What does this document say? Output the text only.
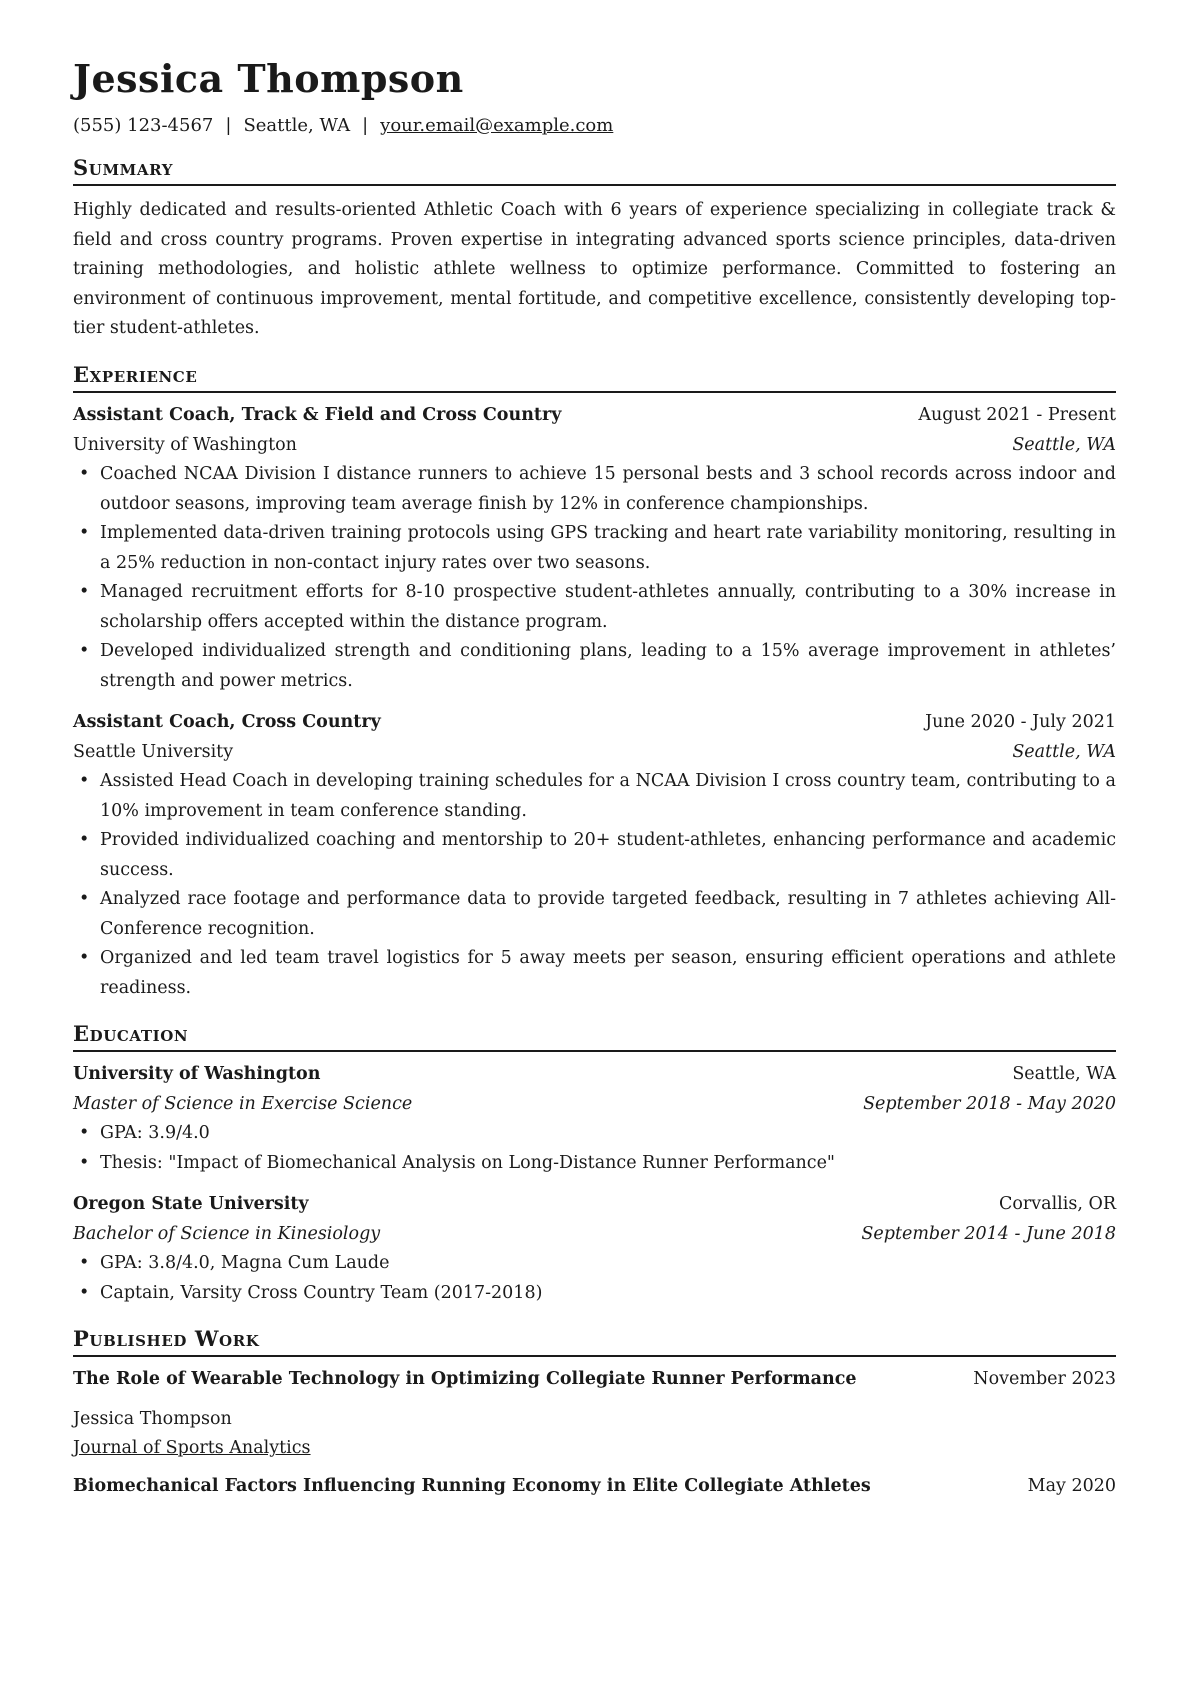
Jessica Thompson
(555) 123-4567 | Seattle, WA | your.email@example.com
Summary
Highly dedicated and results-oriented Athletic Coach with 6 years of experience specializing in collegiate track & field and cross country programs. Proven expertise in integrating advanced sports science principles, data-driven training methodologies, and holistic athlete wellness to optimize performance. Committed to fostering an environment of continuous improvement, mental fortitude, and competitive excellence, consistently developing top-tier student-athletes.
Experience
Assistant Coach, Track & Field and Cross Country	August 2021 - Present
University of Washington	Seattle, WA
• Coached NCAA Division I distance runners to achieve 15 personal bests and 3 school records across indoor and outdoor seasons, improving team average finish by 12% in conference championships.
• Implemented data-driven training protocols using GPS tracking and heart rate variability monitoring, resulting in a 25% reduction in non-contact injury rates over two seasons.
• Managed recruitment efforts for 8-10 prospective student-athletes annually, contributing to a 30% increase in scholarship offers accepted within the distance program.
• Developed individualized strength and conditioning plans, leading to a 15% average improvement in athletes’ strength and power metrics.
Assistant Coach, Cross Country	June 2020 - July 2021
Seattle University	Seattle, WA
• Assisted Head Coach in developing training schedules for a NCAA Division I cross country team, contributing to a 10% improvement in team conference standing.
• Provided individualized coaching and mentorship to 20+ student-athletes, enhancing performance and academic success.
• Analyzed race footage and performance data to provide targeted feedback, resulting in 7 athletes achieving All-Conference recognition.
• Organized and led team travel logistics for 5 away meets per season, ensuring efficient operations and athlete readiness.
Education
University of Washington	Seattle, WA
Master of Science in Exercise Science	September 2018 - May 2020
• GPA: 3.9/4.0
• Thesis: "Impact of Biomechanical Analysis on Long-Distance Runner Performance"
Oregon State University	Corvallis, OR
Bachelor of Science in Kinesiology	September 2014 - June 2018
• GPA: 3.8/4.0, Magna Cum Laude
• Captain, Varsity Cross Country Team (2017-2018)
Published Work
The Role of Wearable Technology in Optimizing Collegiate Runner Performance	November 2023
Jessica Thompson
Journal of Sports Analytics
Biomechanical Factors Influencing Running Economy in Elite Collegiate Athletes	May 2020
